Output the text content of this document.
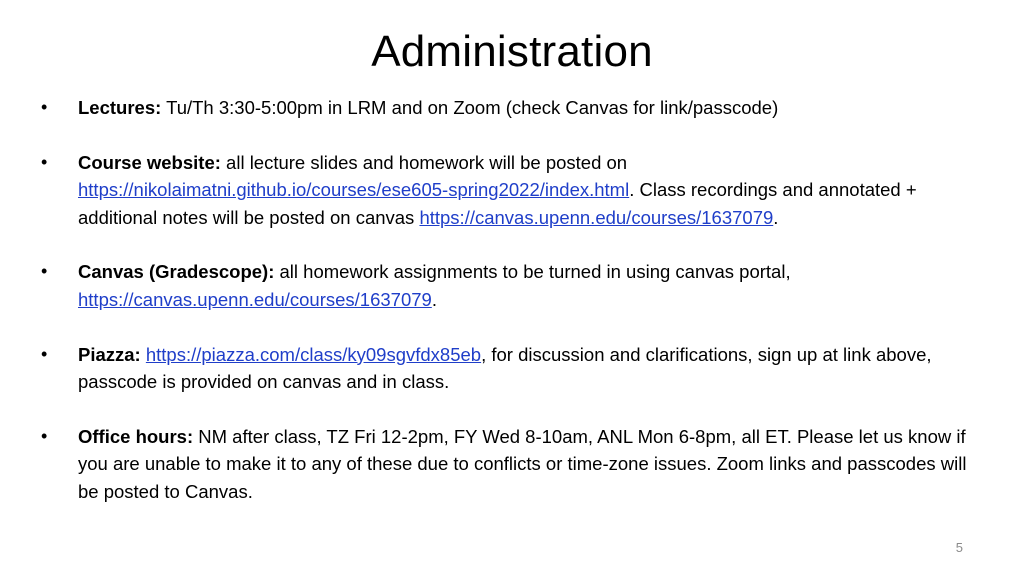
Administration
• Lectures: Tu/Th 3:30-5:00pm in LRM and on Zoom (check Canvas for link/passcode)
• Course website: all lecture slides and homework will be posted on https://nikolaimatni.github.io/courses/ese605-spring2022/index.html. Class recordings and annotated + additional notes will be posted on canvas https://canvas.upenn.edu/courses/1637079.
• Canvas (Gradescope): all homework assignments to be turned in using canvas portal, https://canvas.upenn.edu/courses/1637079.
• Piazza: https://piazza.com/class/ky09sgvfdx85eb, for discussion and clarifications, sign up at link above, passcode is provided on canvas and in class.
• Office hours: NM after class, TZ Fri 12-2pm, FY Wed 8-10am, ANL Mon 6-8pm, all ET. Please let us know if you are unable to make it to any of these due to conflicts or time-zone issues. Zoom links and passcodes will be posted to Canvas.
5
